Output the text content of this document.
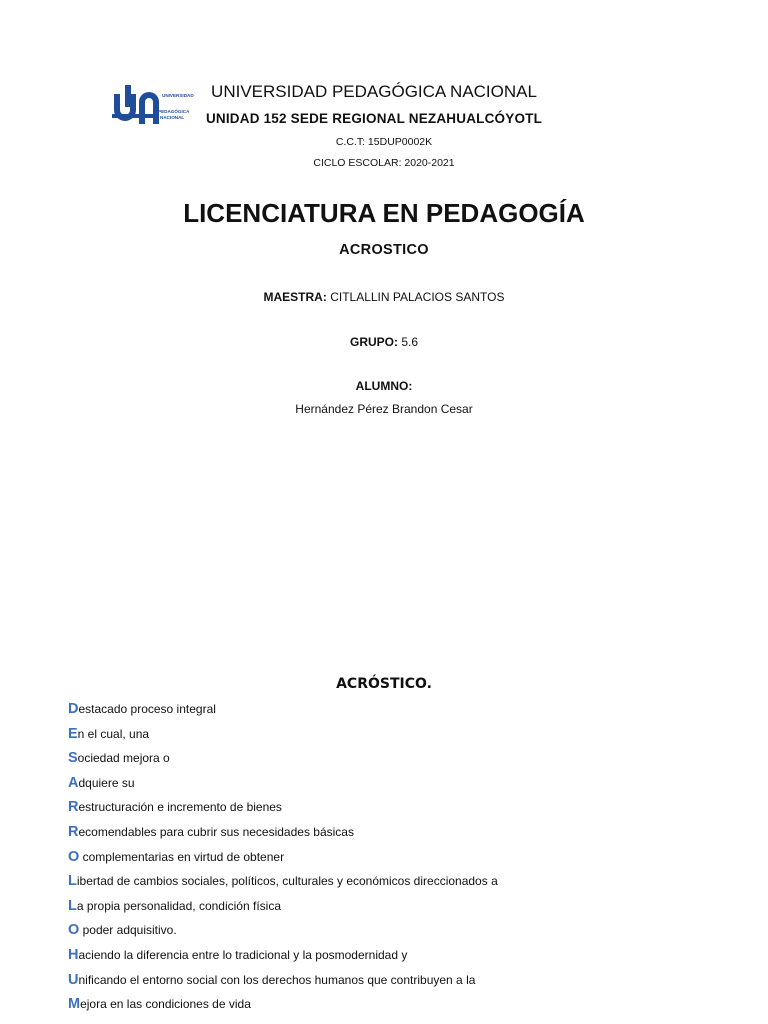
UNIVERSIDAD PEDAGÓGICA NACIONAL
UNIVERSIDAD PEDAGÓGICA NACIONAL
UNIDAD 152 SEDE REGIONAL NEZAHUALCÓYOTL
C.C.T: 15DUP0002K
CICLO ESCOLAR: 2020-2021
LICENCIATURA EN PEDAGOGÍA
ACROSTICO
MAESTRA: CITLALLIN PALACIOS SANTOS
GRUPO: 5.6
ALUMNO:
Hernández Pérez Brandon Cesar
ACRÓSTICO.
Destacado proceso integral
En el cual, una
Sociedad mejora o
Adquiere su
Restructuración e incremento de bienes
Recomendables para cubrir sus necesidades básicas
O complementarias en virtud de obtener
Libertad de cambios sociales, políticos, culturales y económicos direccionados a
La propia personalidad, condición física
O poder adquisitivo.
Haciendo la diferencia entre lo tradicional y la posmodernidad y
Unificando el entorno social con los derechos humanos que contribuyen a la
Mejora en las condiciones de vida
